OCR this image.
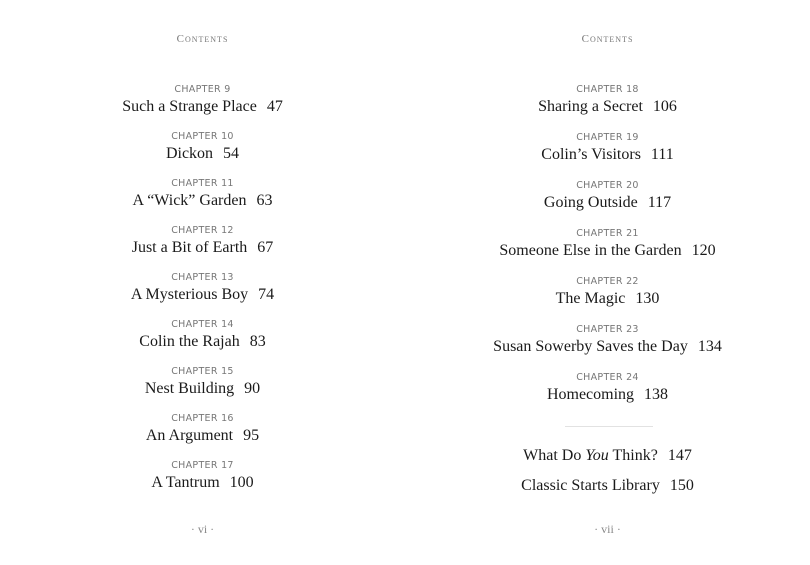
Contents
CHAPTER 9
Such a Strange Place 47
CHAPTER 10
Dickon 54
CHAPTER 11
A “Wick” Garden 63
CHAPTER 12
Just a Bit of Earth 67
CHAPTER 13
A Mysterious Boy 74
CHAPTER 14
Colin the Rajah 83
CHAPTER 15
Nest Building 90
CHAPTER 16
An Argument 95
CHAPTER 17
A Tantrum 100
· vi ·
Contents
CHAPTER 18
Sharing a Secret 106
CHAPTER 19
Colin’s Visitors 111
CHAPTER 20
Going Outside 117
CHAPTER 21
Someone Else in the Garden 120
CHAPTER 22
The Magic 130
CHAPTER 23
Susan Sowerby Saves the Day 134
CHAPTER 24
Homecoming 138
· vii ·
What Do You Think? 147
Classic Starts Library 150
